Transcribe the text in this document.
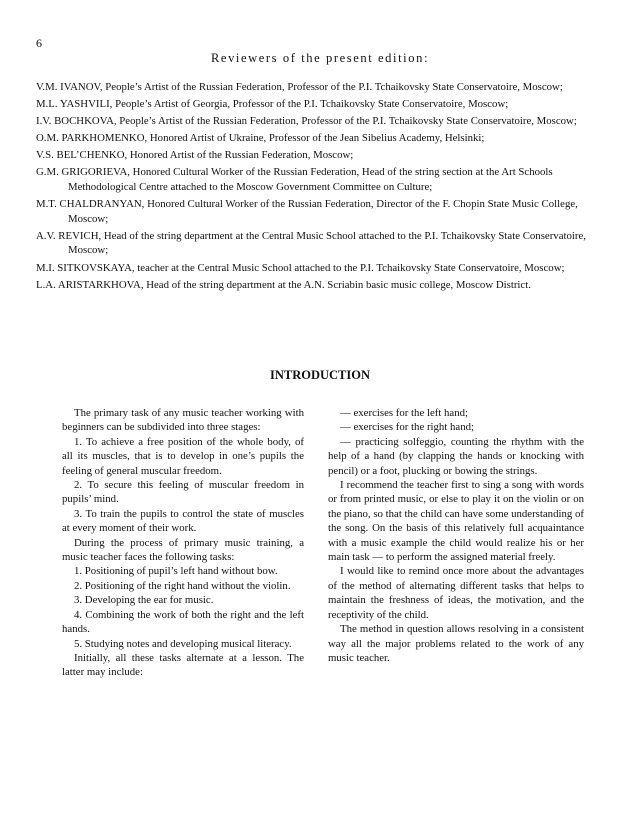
6
Reviewers of the present edition:

V.M. IVANOV, People’s Artist of the Russian Federation, Professor of the P.I. Tchaikovsky State Conservatoire, Moscow;

M.L. YASHVILI, People’s Artist of Georgia, Professor of the P.I. Tchaikovsky State Conservatoire, Moscow;

I.V. BOCHKOVA, People’s Artist of the Russian Federation, Professor of the P.I. Tchaikovsky State Conservatoire, Moscow;

O.M. PARKHOMENKO, Honored Artist of Ukraine, Professor of the Jean Sibelius Academy, Helsinki;

V.S. BEL’CHENKO, Honored Artist of the Russian Federation, Moscow;

G.M. GRIGORIEVA, Honored Cultural Worker of the Russian Federation, Head of the string section at the Art Schools Methodological Centre attached to the Moscow Government Committee on Culture;

M.T. CHALDRANYAN, Honored Cultural Worker of the Russian Federation, Director of the F. Chopin State Music College, Moscow;

A.V. REVICH, Head of the string department at the Central Music School attached to the P.I. Tchaikovsky State Conservatoire, Moscow;

M.I. SITKOVSKAYA, teacher at the Central Music School attached to the P.I. Tchaikovsky State Conservatoire, Moscow;

L.A. ARISTARKHOVA, Head of the string department at the A.N. Scriabin basic music college, Moscow District.

INTRODUCTION

The primary task of any music teacher working with beginners can be subdivided into three stages:

1. To achieve a free position of the whole body, of all its muscles, that is to develop in one’s pupils the feeling of general muscular freedom.

2. To secure this feeling of muscular freedom in pupils’ mind.

3. To train the pupils to control the state of muscles at every moment of their work.

During the process of primary music training, a music teacher faces the following tasks:

1. Positioning of pupil’s left hand without bow.

2. Positioning of the right hand without the violin.

3. Developing the ear for music.

4. Combining the work of both the right and the left hands.

5. Studying notes and developing musical literacy.

Initially, all these tasks alternate at a lesson. The latter may include:

— exercises for the left hand;

— exercises for the right hand;

— practicing solfeggio, counting the rhythm with the help of a hand (by clapping the hands or knocking with pencil) or a foot, plucking or bowing the strings.

I recommend the teacher first to sing a song with words or from printed music, or else to play it on the violin or on the piano, so that the child can have some understanding of the song. On the basis of this relatively full acquaintance with a music example the child would realize his or her main task — to perform the assigned material freely.

I would like to remind once more about the advantages of the method of alternating different tasks that helps to maintain the freshness of ideas, the motivation, and the receptivity of the child.

The method in question allows resolving in a consistent way all the major problems related to the work of any music teacher.
